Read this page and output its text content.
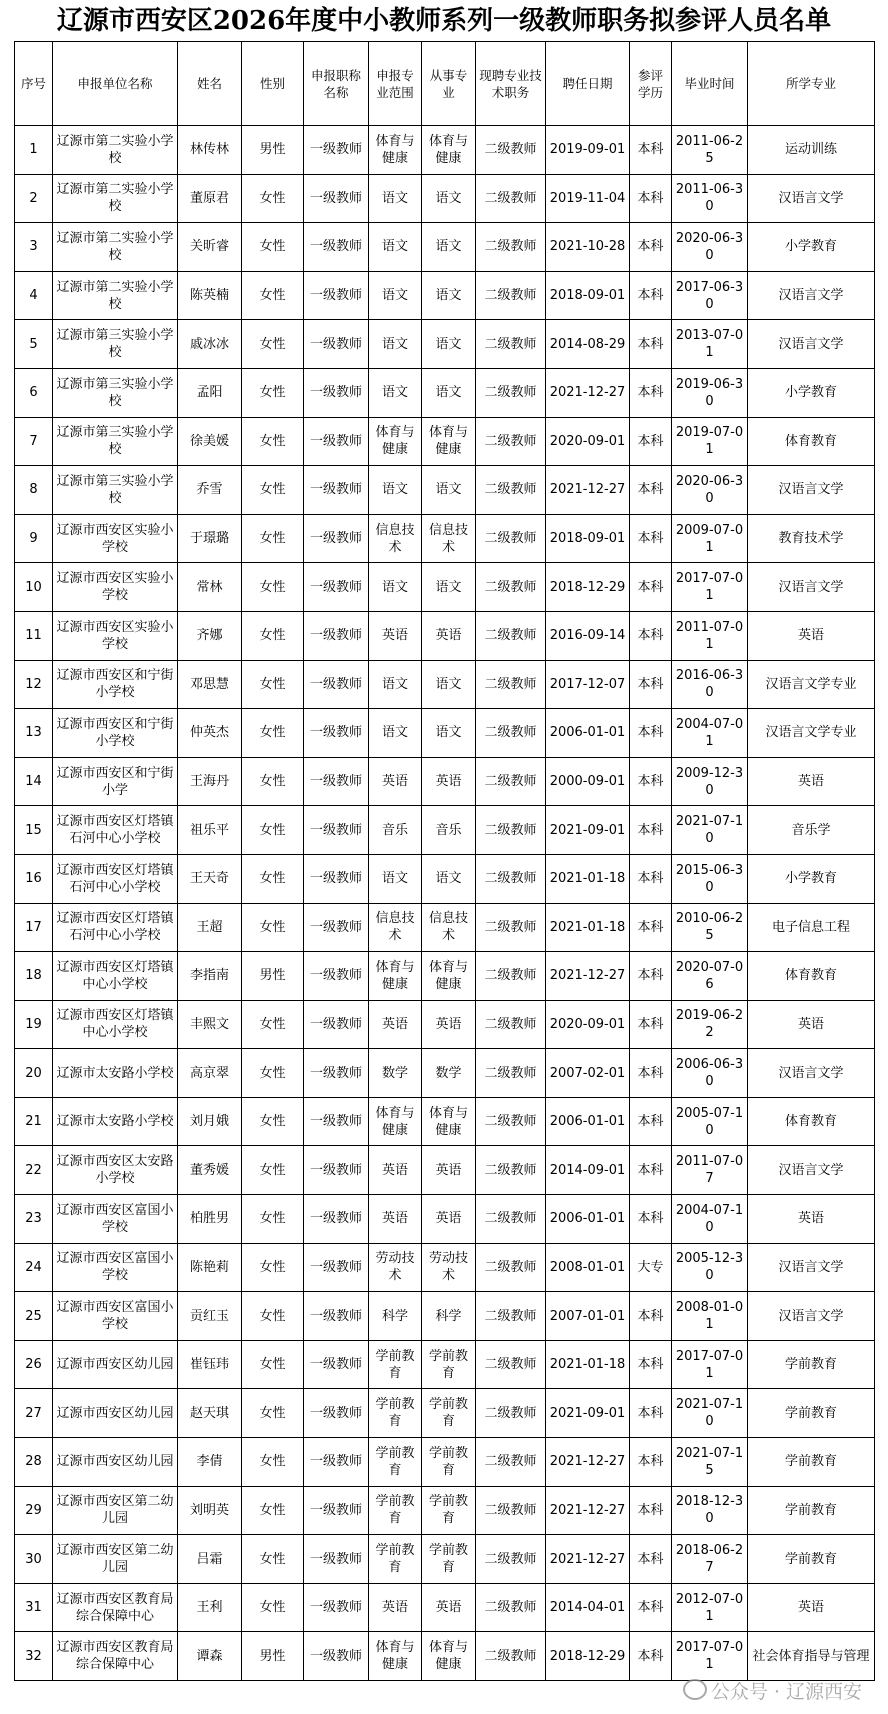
辽源市西安区2026年度中小教师系列一级教师职务拟参评人员名单
序号	申报单位名称	姓名	性别	申报职称名称	申报专业范围	从事专业	现聘专业技术职务	聘任日期	参评学历	毕业时间	所学专业
1	辽源市第二实验小学校	林传林	男性	一级教师	体育与健康	体育与健康	二级教师	2019-09-01	本科	2011-06-25	运动训练
2	辽源市第二实验小学校	董原君	女性	一级教师	语文	语文	二级教师	2019-11-04	本科	2011-06-30	汉语言文学
3	辽源市第二实验小学校	关昕睿	女性	一级教师	语文	语文	二级教师	2021-10-28	本科	2020-06-30	小学教育
4	辽源市第二实验小学校	陈英楠	女性	一级教师	语文	语文	二级教师	2018-09-01	本科	2017-06-30	汉语言文学
5	辽源市第三实验小学校	戚冰冰	女性	一级教师	语文	语文	二级教师	2014-08-29	本科	2013-07-01	汉语言文学
6	辽源市第三实验小学校	孟阳	女性	一级教师	语文	语文	二级教师	2021-12-27	本科	2019-06-30	小学教育
7	辽源市第三实验小学校	徐美媛	女性	一级教师	体育与健康	体育与健康	二级教师	2020-09-01	本科	2019-07-01	体育教育
8	辽源市第三实验小学校	乔雪	女性	一级教师	语文	语文	二级教师	2021-12-27	本科	2020-06-30	汉语言文学
9	辽源市西安区实验小学校	于璟璐	女性	一级教师	信息技术	信息技术	二级教师	2018-09-01	本科	2009-07-01	教育技术学
10	辽源市西安区实验小学校	常林	女性	一级教师	语文	语文	二级教师	2018-12-29	本科	2017-07-01	汉语言文学
11	辽源市西安区实验小学校	齐娜	女性	一级教师	英语	英语	二级教师	2016-09-14	本科	2011-07-01	英语
12	辽源市西安区和宁街小学校	邓思慧	女性	一级教师	语文	语文	二级教师	2017-12-07	本科	2016-06-30	汉语言文学专业
13	辽源市西安区和宁街小学校	仲英杰	女性	一级教师	语文	语文	二级教师	2006-01-01	本科	2004-07-01	汉语言文学专业
14	辽源市西安区和宁街小学	王海丹	女性	一级教师	英语	英语	二级教师	2000-09-01	本科	2009-12-30	英语
15	辽源市西安区灯塔镇石河中心小学校	祖乐平	女性	一级教师	音乐	音乐	二级教师	2021-09-01	本科	2021-07-10	音乐学
16	辽源市西安区灯塔镇石河中心小学校	王天奇	女性	一级教师	语文	语文	二级教师	2021-01-18	本科	2015-06-30	小学教育
17	辽源市西安区灯塔镇石河中心小学校	王超	女性	一级教师	信息技术	信息技术	二级教师	2021-01-18	本科	2010-06-25	电子信息工程
18	辽源市西安区灯塔镇中心小学校	李指南	男性	一级教师	体育与健康	体育与健康	二级教师	2021-12-27	本科	2020-07-06	体育教育
19	辽源市西安区灯塔镇中心小学校	丰熙文	女性	一级教师	英语	英语	二级教师	2020-09-01	本科	2019-06-22	英语
20	辽源市太安路小学校	高京翠	女性	一级教师	数学	数学	二级教师	2007-02-01	本科	2006-06-30	汉语言文学
21	辽源市太安路小学校	刘月娥	女性	一级教师	体育与健康	体育与健康	二级教师	2006-01-01	本科	2005-07-10	体育教育
22	辽源市西安区太安路小学校	董秀媛	女性	一级教师	英语	英语	二级教师	2014-09-01	本科	2011-07-07	汉语言文学
23	辽源市西安区富国小学校	柏胜男	女性	一级教师	英语	英语	二级教师	2006-01-01	本科	2004-07-10	英语
24	辽源市西安区富国小学校	陈艳莉	女性	一级教师	劳动技术	劳动技术	二级教师	2008-01-01	大专	2005-12-30	汉语言文学
25	辽源市西安区富国小学校	贡红玉	女性	一级教师	科学	科学	二级教师	2007-01-01	本科	2008-01-01	汉语言文学
26	辽源市西安区幼儿园	崔钰玮	女性	一级教师	学前教育	学前教育	二级教师	2021-01-18	本科	2017-07-01	学前教育
27	辽源市西安区幼儿园	赵天琪	女性	一级教师	学前教育	学前教育	二级教师	2021-09-01	本科	2021-07-10	学前教育
28	辽源市西安区幼儿园	李倩	女性	一级教师	学前教育	学前教育	二级教师	2021-12-27	本科	2021-07-15	学前教育
29	辽源市西安区第二幼儿园	刘明英	女性	一级教师	学前教育	学前教育	二级教师	2021-12-27	本科	2018-12-30	学前教育
30	辽源市西安区第二幼儿园	吕霜	女性	一级教师	学前教育	学前教育	二级教师	2021-12-27	本科	2018-06-27	学前教育
31	辽源市西安区教育局综合保障中心	王利	女性	一级教师	英语	英语	二级教师	2014-04-01	本科	2012-07-01	英语
32	辽源市西安区教育局综合保障中心	谭森	男性	一级教师	体育与健康	体育与健康	二级教师	2018-12-29	本科	2017-07-01	社会体育指导与管理
公众号 · 辽源西安
